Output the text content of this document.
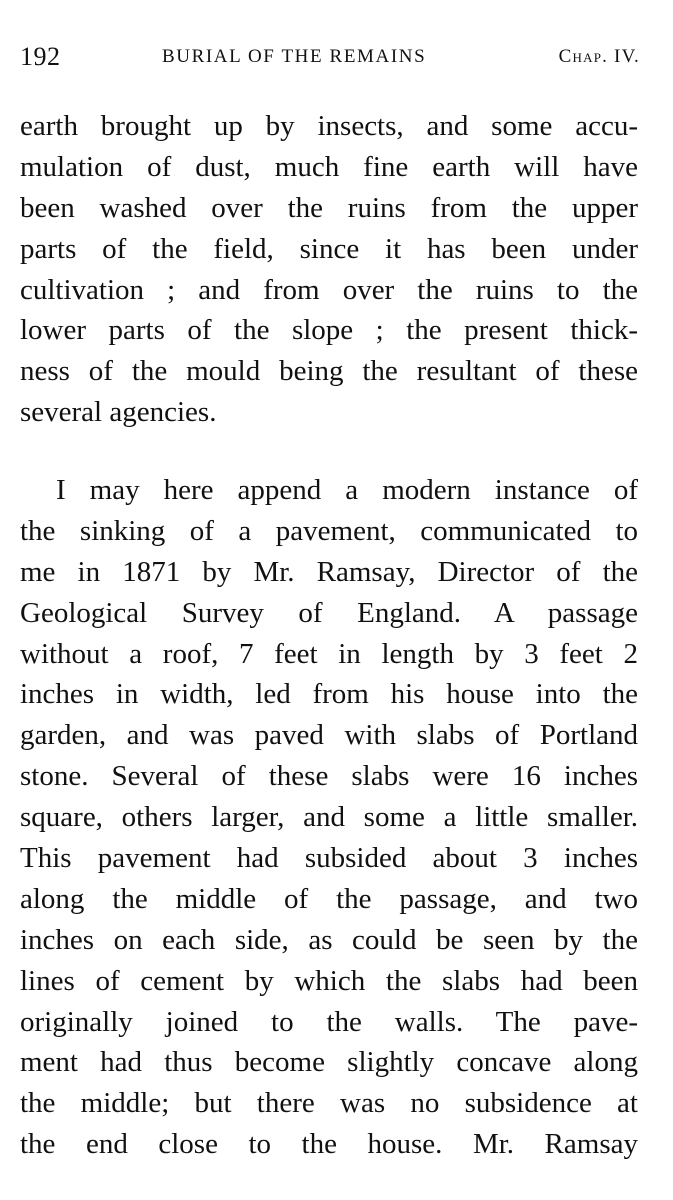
192	BURIAL OF THE REMAINS	Chap. IV.
earth brought up by insects, and some accu-
mulation of dust, much fine earth will have
been washed over the ruins from the upper
parts of the field, since it has been under
cultivation ; and from over the ruins to the
lower parts of the slope ; the present thick-
ness of the mould being the resultant of these
several agencies.
I may here append a modern instance of
the sinking of a pavement, communicated to
me in 1871 by Mr. Ramsay, Director of the
Geological Survey of England. A passage
without a roof, 7 feet in length by 3 feet 2
inches in width, led from his house into the
garden, and was paved with slabs of Portland
stone. Several of these slabs were 16 inches
square, others larger, and some a little smaller.
This pavement had subsided about 3 inches
along the middle of the passage, and two
inches on each side, as could be seen by the
lines of cement by which the slabs had been
originally joined to the walls. The pave-
ment had thus become slightly concave along
the middle; but there was no subsidence at
the end close to the house. Mr. Ramsay
